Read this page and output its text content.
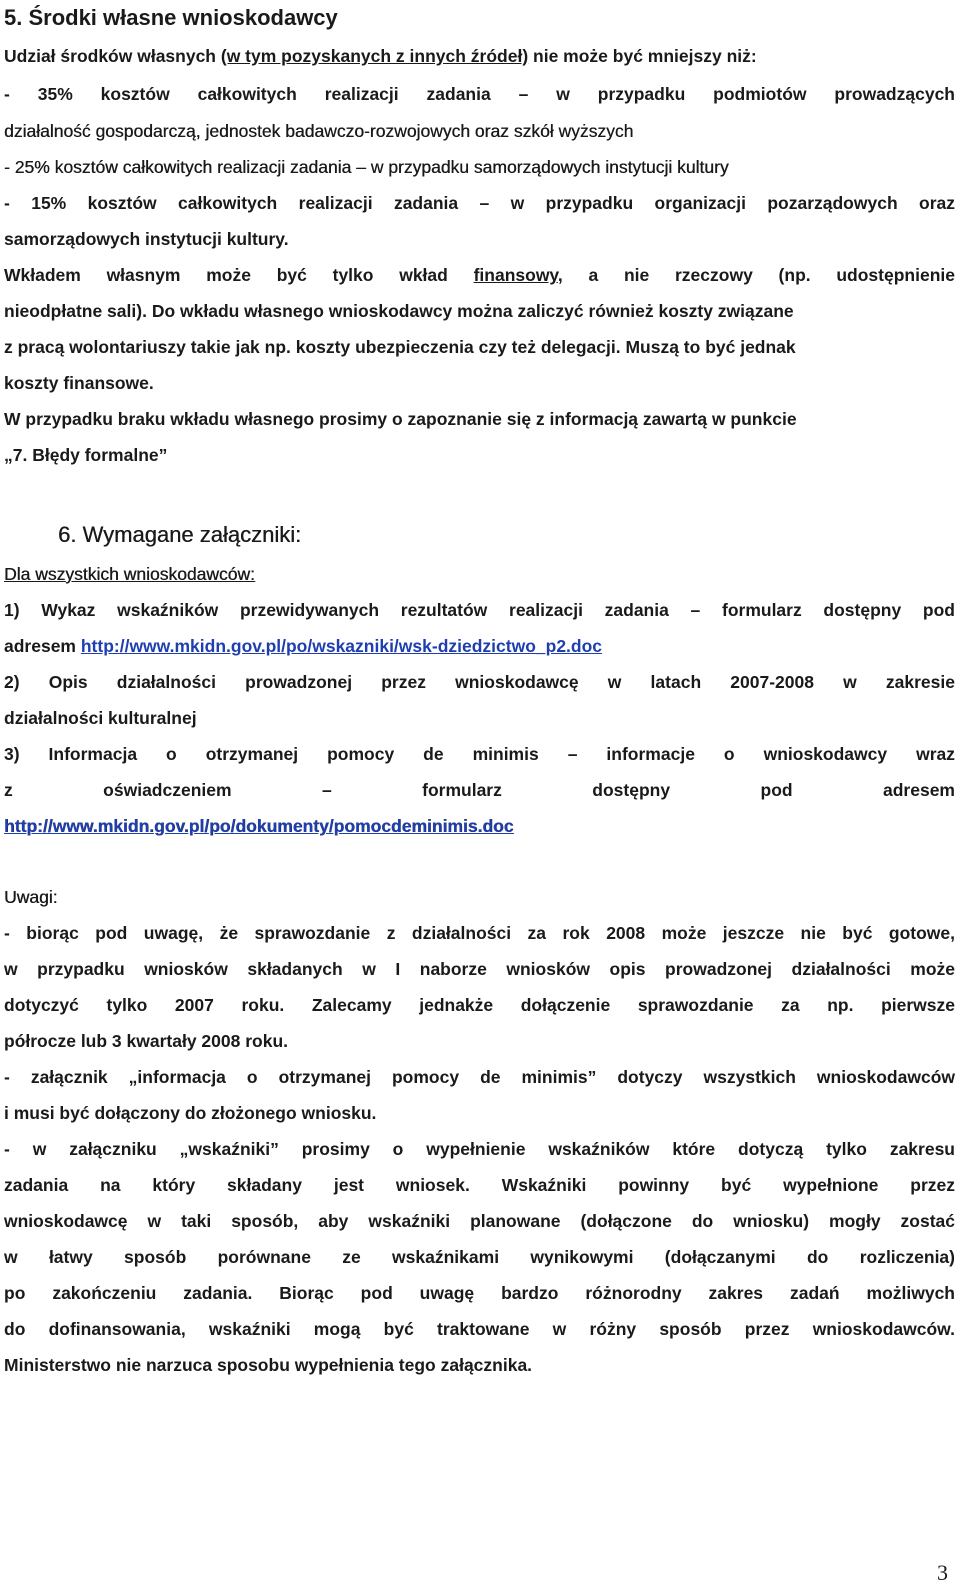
5. Środki własne wnioskodawcy
Udział środków własnych (w tym pozyskanych z innych źródeł) nie może być mniejszy niż:
- 35% kosztów całkowitych realizacji zadania – w przypadku podmiotów prowadzących
działalność gospodarczą, jednostek badawczo-rozwojowych oraz szkół wyższych
- 25% kosztów całkowitych realizacji zadania – w przypadku samorządowych instytucji kultury
- 15% kosztów całkowitych realizacji zadania – w przypadku organizacji pozarządowych oraz
samorządowych instytucji kultury.
Wkładem własnym może być tylko wkład finansowy, a nie rzeczowy (np. udostępnienie
nieodpłatne sali). Do wkładu własnego wnioskodawcy można zaliczyć również koszty związane
z pracą wolontariuszy takie jak np. koszty ubezpieczenia czy też delegacji. Muszą to być jednak
koszty finansowe.
W przypadku braku wkładu własnego prosimy o zapoznanie się z informacją zawartą w punkcie
„7. Błędy formalne”
6. Wymagane załączniki:
Dla wszystkich wnioskodawców:
1) Wykaz wskaźników przewidywanych rezultatów realizacji zadania – formularz dostępny pod
adresem http://www.mkidn.gov.pl/po/wskazniki/wsk-dziedzictwo_p2.doc
2) Opis działalności prowadzonej przez wnioskodawcę w latach 2007-2008 w zakresie
działalności kulturalnej
3) Informacja o otrzymanej pomocy de minimis – informacje o wnioskodawcy wraz
z oświadczeniem – formularz dostępny pod adresem
http://www.mkidn.gov.pl/po/dokumenty/pomocdeminimis.doc
Uwagi:
- biorąc pod uwagę, że sprawozdanie z działalności za rok 2008 może jeszcze nie być gotowe,
w przypadku wniosków składanych w I naborze wniosków opis prowadzonej działalności może
dotyczyć tylko 2007 roku. Zalecamy jednakże dołączenie sprawozdanie za np. pierwsze
półrocze lub 3 kwartały 2008 roku.
- załącznik „informacja o otrzymanej pomocy de minimis” dotyczy wszystkich wnioskodawców
i musi być dołączony do złożonego wniosku.
- w załączniku „wskaźniki” prosimy o wypełnienie wskaźników które dotyczą tylko zakresu
zadania na który składany jest wniosek. Wskaźniki powinny być wypełnione przez
wnioskodawcę w taki sposób, aby wskaźniki planowane (dołączone do wniosku) mogły zostać
w łatwy sposób porównane ze wskaźnikami wynikowymi (dołączanymi do rozliczenia)
po zakończeniu zadania. Biorąc pod uwagę bardzo różnorodny zakres zadań możliwych
do dofinansowania, wskaźniki mogą być traktowane w różny sposób przez wnioskodawców.
Ministerstwo nie narzuca sposobu wypełnienia tego załącznika.
3
